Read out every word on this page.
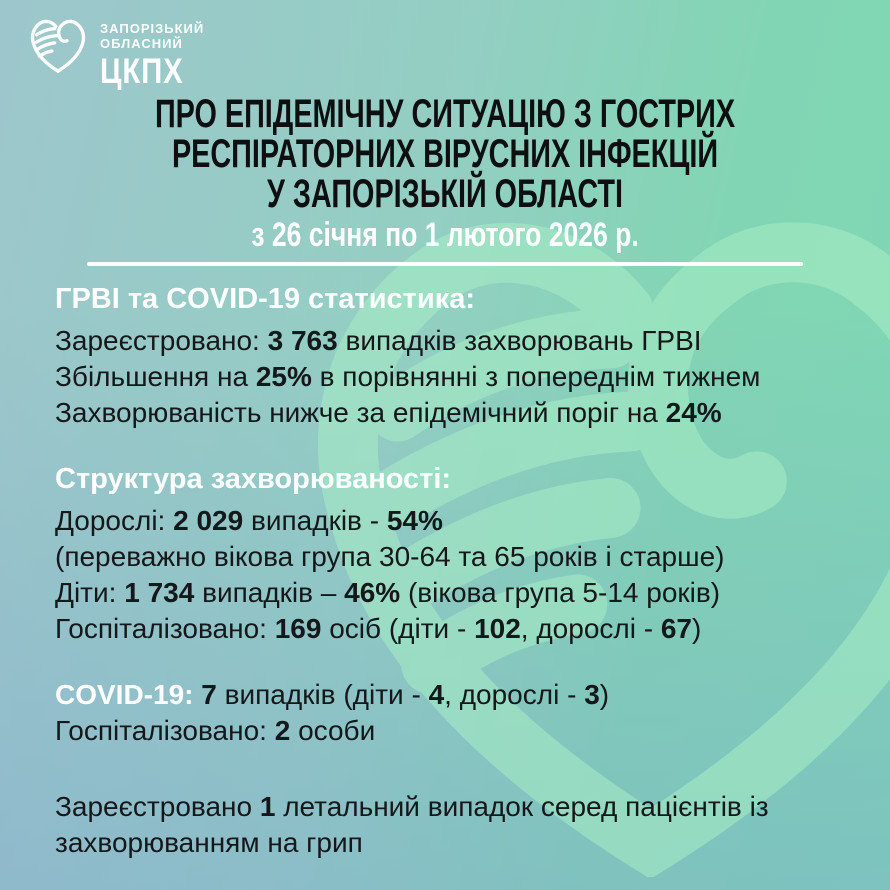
ЗАПОРІЗЬКИЙ
ОБЛАСНИЙ
ЦКПХ
ПРО ЕПІДЕМІЧНУ СИТУАЦІЮ З ГОСТРИХ
РЕСПІРАТОРНИХ ВІРУСНИХ ІНФЕКЦІЙ
У ЗАПОРІЗЬКІЙ ОБЛАСТІ
з 26 січня по 1 лютого 2026 р.
ГРВІ та COVID-19 статистика:
Зареєстровано: 3 763 випадків захворювань ГРВІ
Збільшення на 25% в порівнянні з попереднім тижнем
Захворюваність нижче за епідемічний поріг на 24%
Структура захворюваності:
Дорослі: 2 029 випадків - 54%
(переважно вікова група 30-64 та 65 років і старше)
Діти: 1 734 випадків – 46% (вікова група 5-14 років)
Госпіталізовано: 169 осіб (діти - 102, дорослі - 67)
COVID-19: 7 випадків (діти - 4, дорослі - 3)
Госпіталізовано: 2 особи
Зареєстровано 1 летальний випадок серед пацієнтів із
захворюванням на грип
